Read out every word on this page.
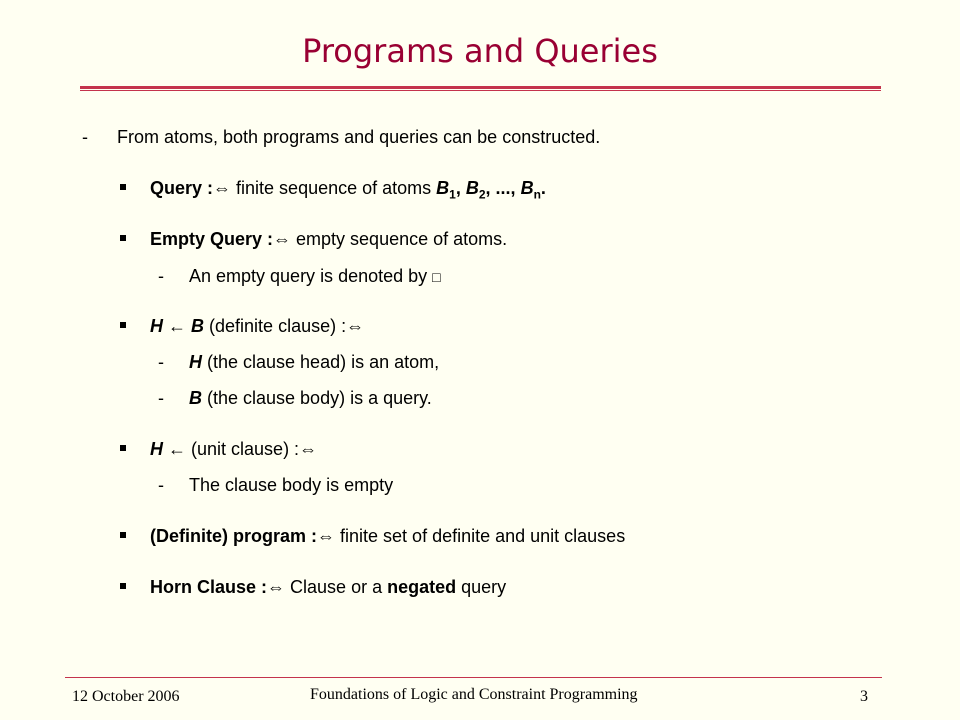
Programs and Queries
- From atoms, both programs and queries can be constructed.
Query :⇔ finite sequence of atoms $B_1$, $B_2$, ..., $B_n$.
Empty Query :⇔ empty sequence of atoms.
- An empty query is denoted by □
H ← B (definite clause) :⇔
- H (the clause head) is an atom,
- B (the clause body) is a query.
H ← (unit clause) :⇔
- The clause body is empty
(Definite) program :⇔ finite set of definite and unit clauses
Horn Clause :⇔ Clause or a negated query
12 October 2006	Foundations of Logic and Constraint Programming	3
